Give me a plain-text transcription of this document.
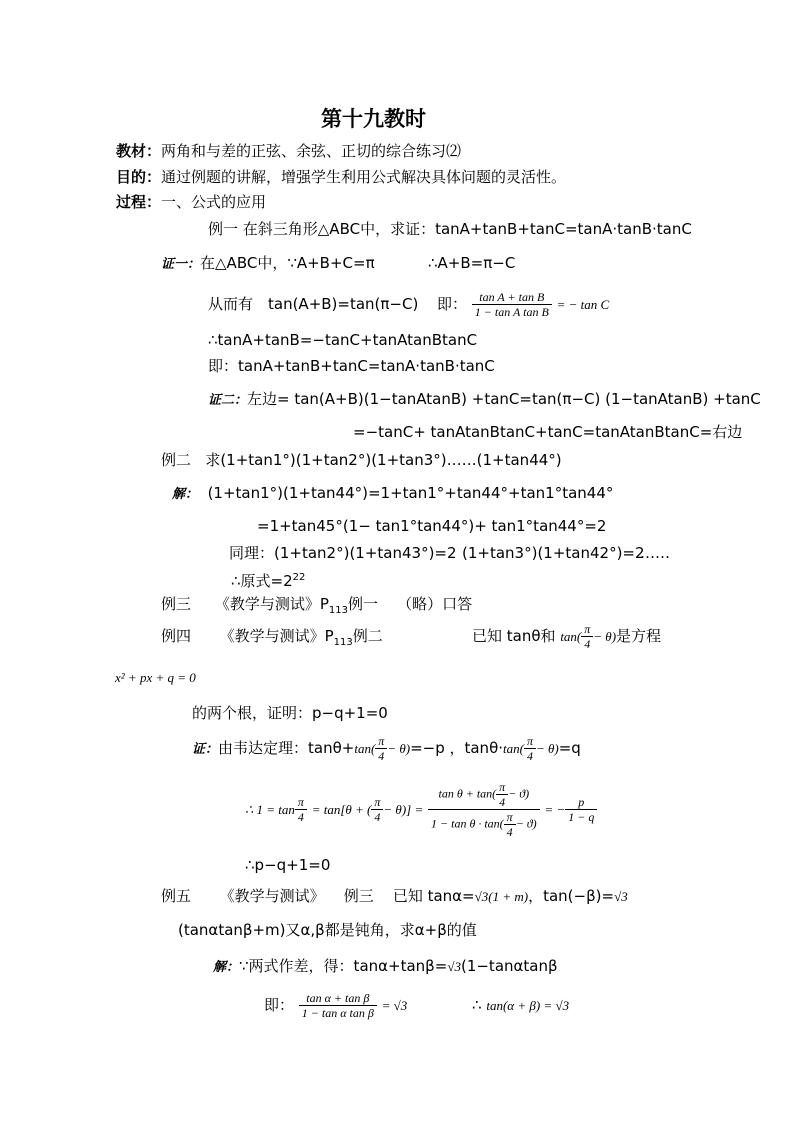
第十九教时
教材：两角和与差的正弦、余弦、正切的综合练习⑵
目的：通过例题的讲解，增强学生利用公式解决具体问题的灵活性。
过程：一、公式的应用
例一 在斜三角形△ABC中，求证：tanA+tanB+tanC=tanA·tanB·tanC
证一：在△ABC中，∵A+B+C=π	∴A+B=π−C
从而有　tan(A+B)=tan(π−C) 即： $\frac{\text{tan A + tan B}}{\text{1 − tan A tan B}}$ = − tan C
∴tanA+tanB=−tanC+tanAtanBtanC
即：tanA+tanB+tanC=tanA·tanB·tanC
证二：左边= tan(A+B)(1−tanAtanB) +tanC=tan(π−C) (1−tanAtanB) +tanC
=−tanC+ tanAtanBtanC+tanC=tanAtanBtanC=右边
例二 求(1+tan1°)(1+tan2°)(1+tan3°)……(1+tan44°)
解： (1+tan1°)(1+tan44°)=1+tan1°+tan44°+tan1°tan44°
=1+tan45°(1− tan1°tan44°)+ tan1°tan44°=2
同理：(1+tan2°)(1+tan43°)=2 (1+tan3°)(1+tan42°)=2
……
∴原式$=2^{22}$
例三 《教学与测试》$P_{113}$例一 （略）口答
例四 《教学与测试》$P_{113}$例二	已知 tanθ和 $\tan( \frac{\pi}{4} - \theta)$是方程
x² + px + q = 0
的两个根，证明：p−q+1=0
证：由韦达定理：$\tan\theta+\tan( \frac{\pi}{4} - \theta)=-p$ ，$\tan\theta\cdot\tan( \frac{\pi}{4} - \theta)=q$
∴ $1 = \tan \frac{\pi}{4} = \tan[\theta$ + ( $\frac{\pi}{4} - \theta)] = \frac{\tan \theta + \tan( \frac{\pi}{4} - ϑ)}{1 - \tan \theta \cdot \tan( \frac{\pi}{4} - ϑ)}$ = − $\frac{p}{1 - q}$
∴p−q+1=0
例五 《教学与测试》 例三 已知 tanα=√3(1 + m)，tan(−β)=√3
(tanαtanβ+m)又α,β都是钝角，求α+β的值
解：∵两式作差，得：tanα+tanβ=√3(1−tanαtanβ
即： $\frac{\text{tan α + tan β}}{\text{1 − tan α tan β}} = √3$	∴ tan(α + β) = √3
